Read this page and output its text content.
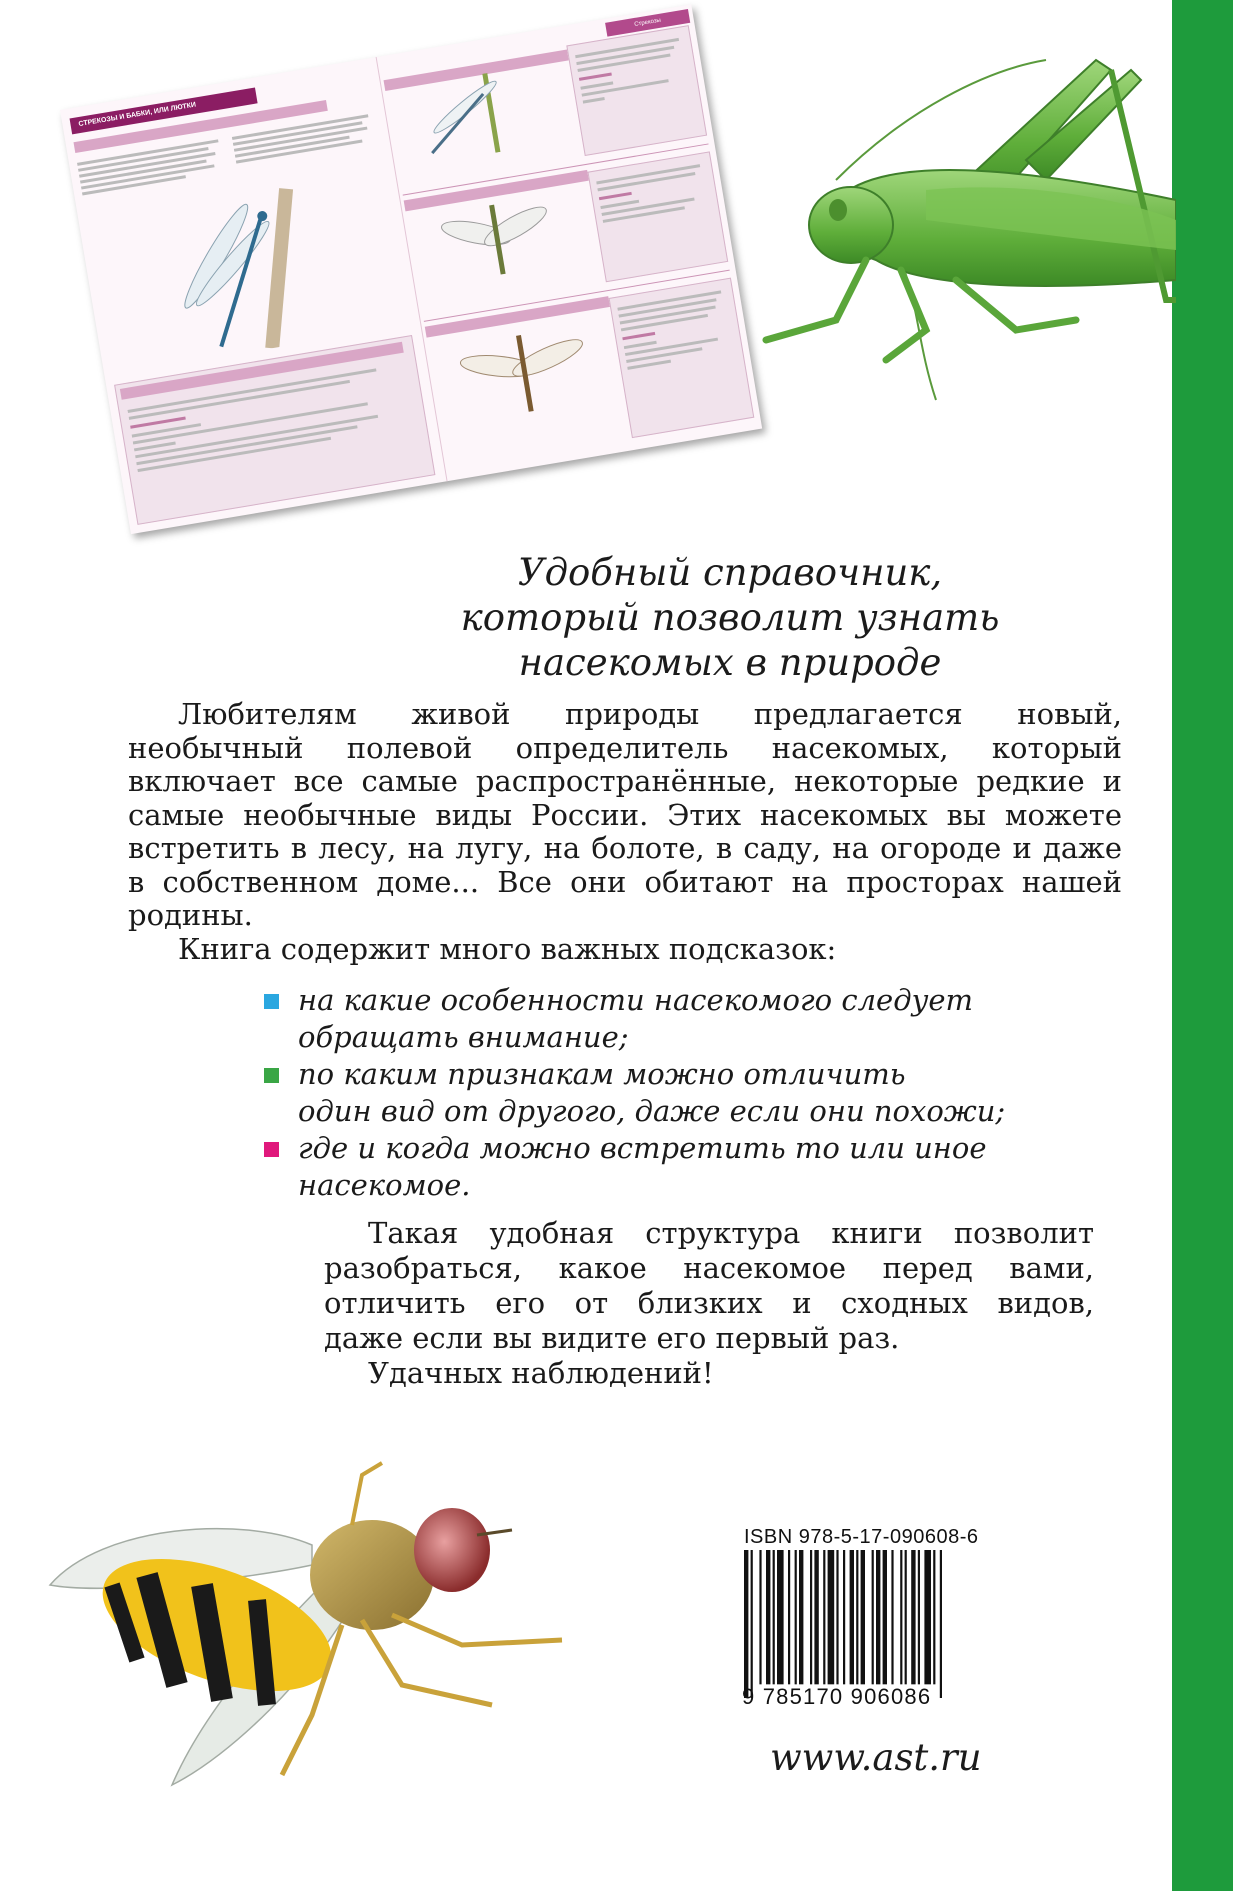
СТРЕКОЗЫ И БАБКИ, ИЛИ ЛЮТКИ
Стрекозы
Удобный справочник,
который позволит узнать
насекомых в природе
Любителям живой природы предлагается новый,
необычный полевой определитель насекомых, который
включает все самые распространённые, некоторые редкие и
самые необычные виды России. Этих насекомых вы можете
встретить в лесу, на лугу, на болоте, в саду, на огороде и даже
в собственном доме... Все они обитают на просторах нашей
родины.
Книга содержит много важных подсказок:
на какие особенности насекомого следует
обращать внимание;
по каким признакам можно отличить
один вид от другого, даже если они похожи;
где и когда можно встретить то или иное
насекомое.
Такая удобная структура книги позволит
разобраться, какое насекомое перед вами,
отличить его от близких и сходных видов,
даже если вы видите его первый раз.
Удачных наблюдений!
ISBN 978-5-17-090608-6
9 785170 906086
www.ast.ru
